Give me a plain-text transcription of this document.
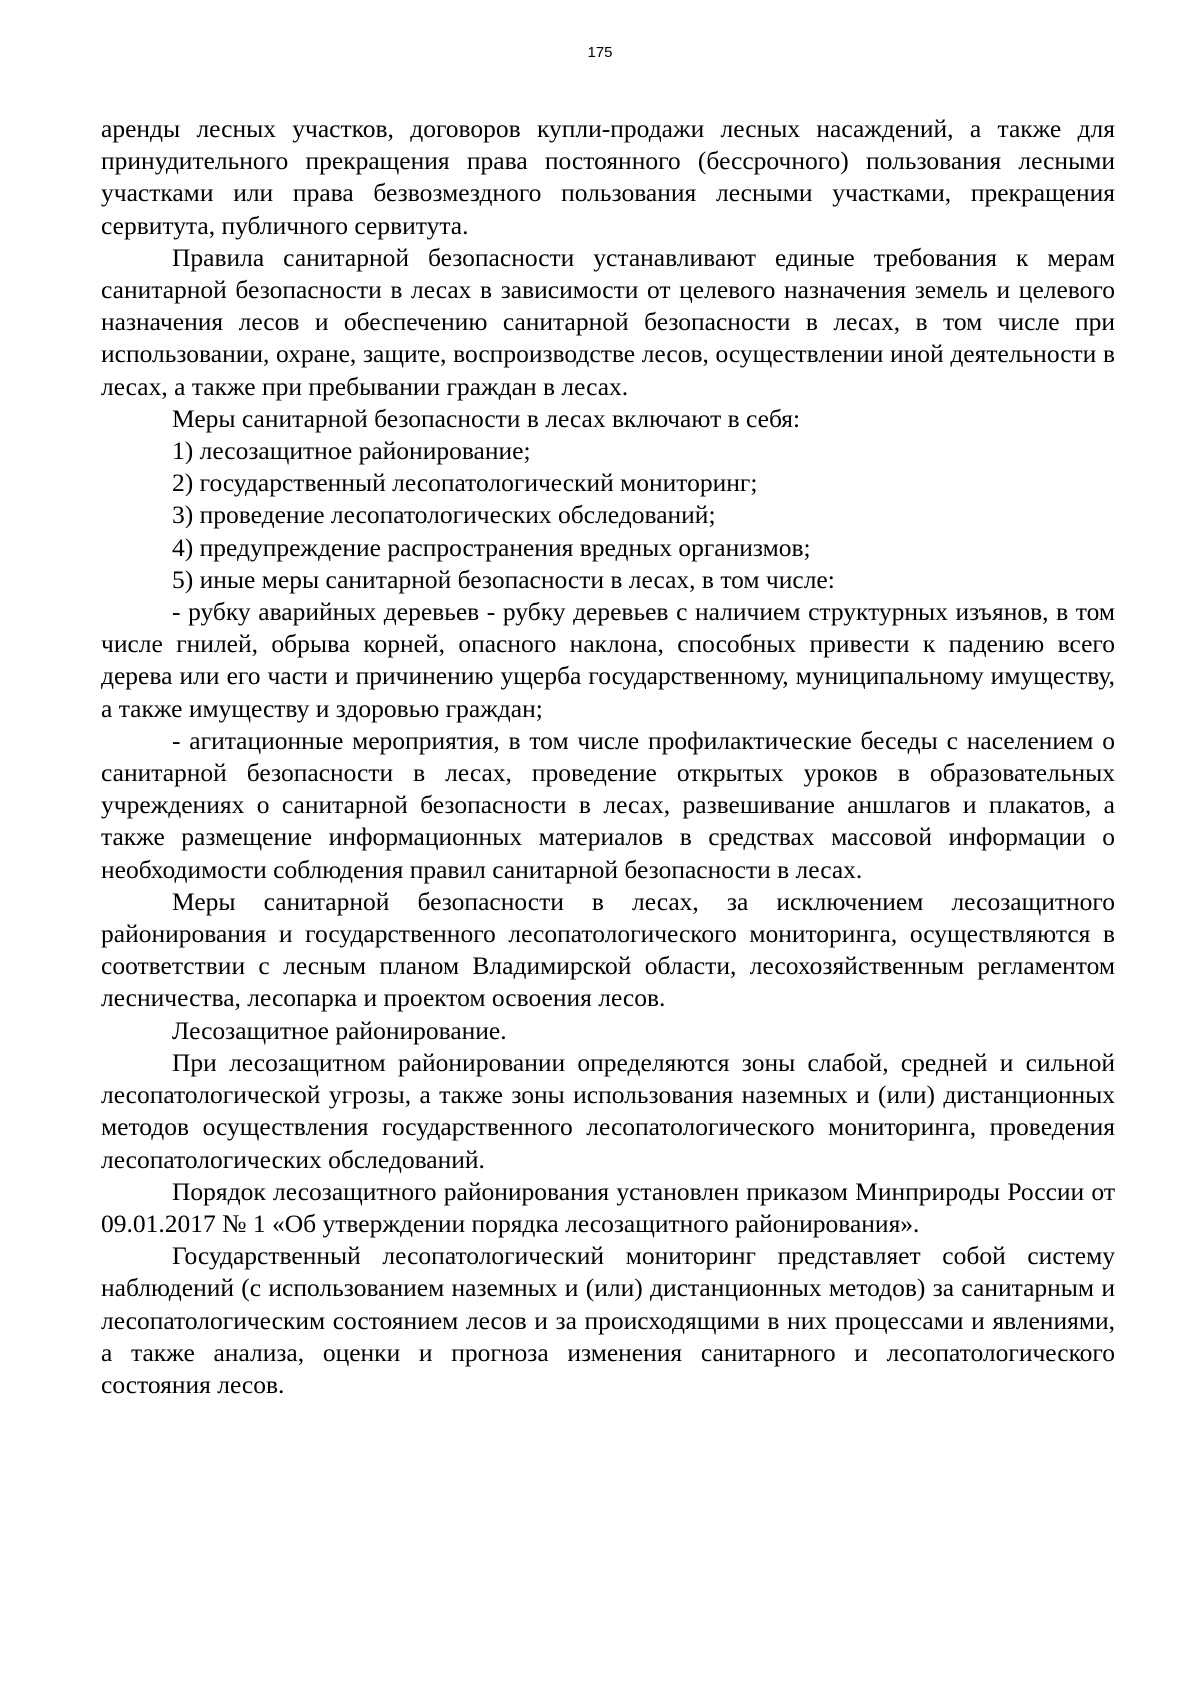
175

аренды лесных участков, договоров купли-продажи лесных насаждений, а также для принудительного прекращения права постоянного (бессрочного) пользования лесными участками или права безвозмездного пользования лесными участками, прекращения сервитута, публичного сервитута.

Правила санитарной безопасности устанавливают единые требования к мерам санитарной безопасности в лесах в зависимости от целевого назначения земель и целевого назначения лесов и обеспечению санитарной безопасности в лесах, в том числе при использовании, охране, защите, воспроизводстве лесов, осуществлении иной деятельности в лесах, а также при пребывании граждан в лесах.

Меры санитарной безопасности в лесах включают в себя:

1) лесозащитное районирование;

2) государственный лесопатологический мониторинг;

3) проведение лесопатологических обследований;

4) предупреждение распространения вредных организмов;

5) иные меры санитарной безопасности в лесах, в том числе:

- рубку аварийных деревьев - рубку деревьев с наличием структурных изъянов, в том числе гнилей, обрыва корней, опасного наклона, способных привести к падению всего дерева или его части и причинению ущерба государственному, муниципальному имуществу, а также имуществу и здоровью граждан;

- агитационные мероприятия, в том числе профилактические беседы с населением о санитарной безопасности в лесах, проведение открытых уроков в образовательных учреждениях о санитарной безопасности в лесах, развешивание аншлагов и плакатов, а также размещение информационных материалов в средствах массовой информации о необходимости соблюдения правил санитарной безопасности в лесах.

Меры санитарной безопасности в лесах, за исключением лесозащитного районирования и государственного лесопатологического мониторинга, осуществляются в соответствии с лесным планом Владимирской области, лесохозяйственным регламентом лесничества, лесопарка и проектом освоения лесов.

Лесозащитное районирование.

При лесозащитном районировании определяются зоны слабой, средней и сильной лесопатологической угрозы, а также зоны использования наземных и (или) дистанционных методов осуществления государственного лесопатологического мониторинга, проведения лесопатологических обследований.

Порядок лесозащитного районирования установлен приказом Минприроды России от 09.01.2017 № 1 «Об утверждении порядка лесозащитного районирования».

Государственный лесопатологический мониторинг представляет собой систему наблюдений (с использованием наземных и (или) дистанционных методов) за санитарным и лесопатологическим состоянием лесов и за происходящими в них процессами и явлениями, а также анализа, оценки и прогноза изменения санитарного и лесопатологического состояния лесов.
